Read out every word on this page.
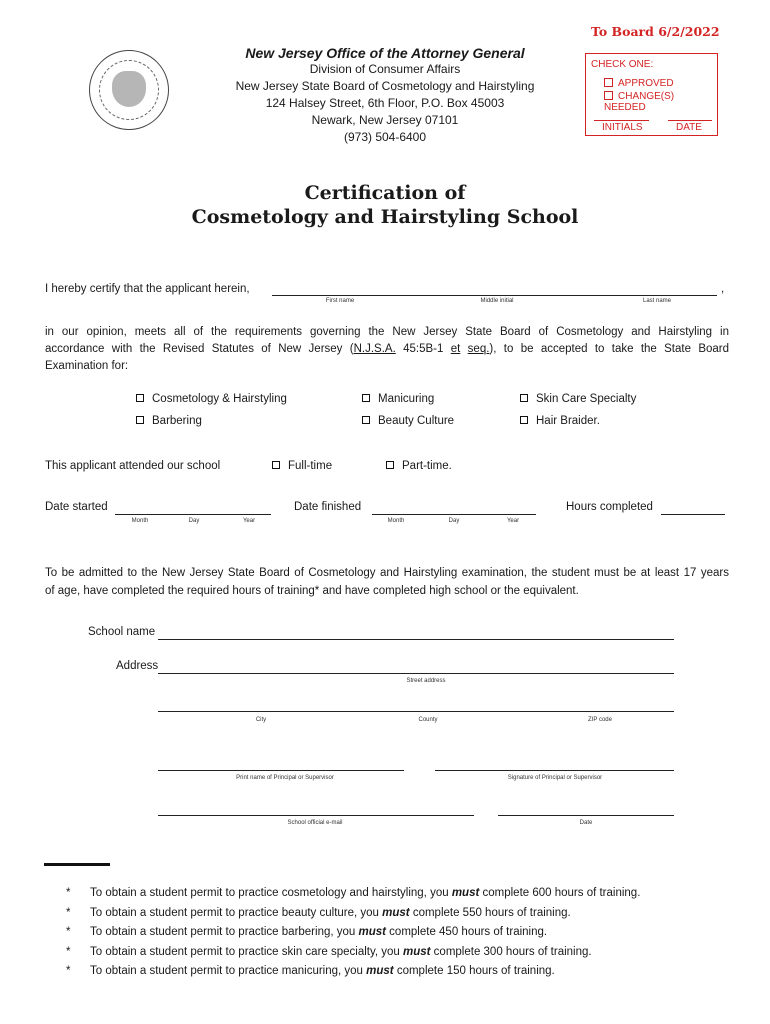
To Board 6/2/2022
New Jersey Office of the Attorney General
Division of Consumer Affairs
New Jersey State Board of Cosmetology and Hairstyling
124 Halsey Street, 6th Floor, P.O. Box 45003
Newark, New Jersey 07101
(973) 504-6400
CHECK ONE:
APPROVED
CHANGE(S) NEEDED
INITIALS	DATE
Certification of
Cosmetology and Hairstyling School
I hereby certify that the applicant herein,	,
First name	Middle initial	Last name
in our opinion, meets all of the requirements governing the New Jersey State Board of Cosmetology and Hairstyling in
accordance with the Revised Statutes of New Jersey (N.J.S.A. 45:5B-1 et seq.), to be accepted to take the State Board
Examination for:
Cosmetology & Hairstyling	Manicuring	Skin Care Specialty
Barbering	Beauty Culture	Hair Braider.
This applicant attended our school	Full-time	Part-time.
Date started
Month	Day	Year
Date finished
Month	Day	Year
Hours completed
To be admitted to the New Jersey State Board of Cosmetology and Hairstyling examination, the student must be at least 17 years
of age, have completed the required hours of training* and have completed high school or the equivalent.
School name
Address
Street address
City	County	ZIP code
Print name of Principal or Supervisor	Signature of Principal or Supervisor
School official e-mail	Date
* To obtain a student permit to practice cosmetology and hairstyling, you must complete 600 hours of training.
* To obtain a student permit to practice beauty culture, you must complete 550 hours of training.
* To obtain a student permit to practice barbering, you must complete 450 hours of training.
* To obtain a student permit to practice skin care specialty, you must complete 300 hours of training.
* To obtain a student permit to practice manicuring, you must complete 150 hours of training.
